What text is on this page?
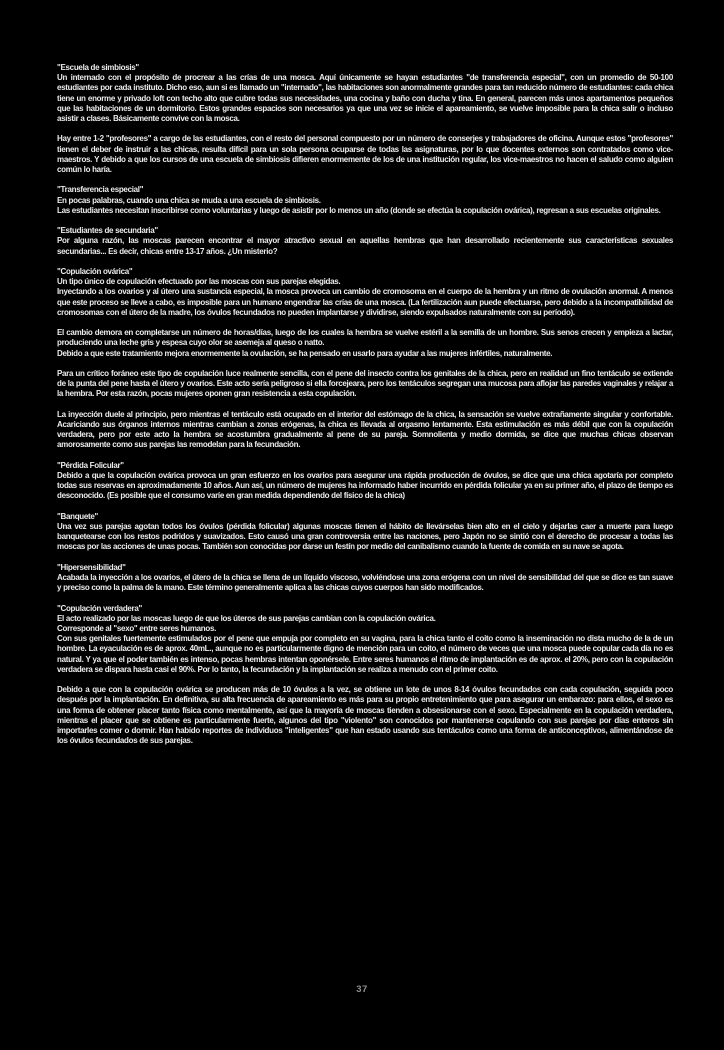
"Escuela de simbiosis"
Un internado con el propósito de procrear a las crías de una mosca. Aquí únicamente se hayan estudiantes "de transferencia especial", con un promedio de 50-100 estudiantes por cada instituto. Dicho eso, aun si es llamado un "internado", las habitaciones son anormalmente grandes para tan reducido número de estudiantes: cada chica tiene un enorme y privado loft con techo alto que cubre todas sus necesidades, una cocina y baño con ducha y tina. En general, parecen más unos apartamentos pequeños que las habitaciones de un dormitorio. Estos grandes espacios son necesarios ya que una vez se inicie el apareamiento, se vuelve imposible para la chica salir o incluso asistir a clases. Básicamente convive con la mosca.
Hay entre 1-2 "profesores" a cargo de las estudiantes, con el resto del personal compuesto por un número de conserjes y trabajadores de oficina. Aunque estos "profesores" tienen el deber de instruir a las chicas, resulta difícil para un sola persona ocuparse de todas las asignaturas, por lo que docentes externos son contratados como vice-maestros. Y debido a que los cursos de una escuela de simbiosis difieren enormemente de los de una institución regular, los vice-maestros no hacen el saludo como alguien común lo haría.
"Transferencia especial"
En pocas palabras, cuando una chica se muda a una escuela de simbiosis.
Las estudiantes necesitan inscribirse como voluntarias y luego de asistir por lo menos un año (donde se efectúa la copulación ovárica), regresan a sus escuelas originales.
"Estudiantes de secundaria"
Por alguna razón, las moscas parecen encontrar el mayor atractivo sexual en aquellas hembras que han desarrollado recientemente sus características sexuales secundarias... Es decir, chicas entre 13-17 años. ¿Un misterio?
"Copulación ovárica"
Un tipo único de copulación efectuado por las moscas con sus parejas elegidas.
Inyectando a los ovarios y al útero una sustancia especial, la mosca provoca un cambio de cromosoma en el cuerpo de la hembra y un ritmo de ovulación anormal. A menos que este proceso se lleve a cabo, es imposible para un humano engendrar las crías de una mosca. (La fertilización aun puede efectuarse, pero debido a la incompatibilidad de cromosomas con el útero de la madre, los óvulos fecundados no pueden implantarse y dividirse, siendo expulsados naturalmente con su período).
El cambio demora en completarse un número de horas/días, luego de los cuales la hembra se vuelve estéril a la semilla de un hombre. Sus senos crecen y empieza a lactar, produciendo una leche gris y espesa cuyo olor se asemeja al queso o natto.
Debido a que este tratamiento mejora enormemente la ovulación, se ha pensado en usarlo para ayudar a las mujeres infértiles, naturalmente.
Para un crítico foráneo este tipo de copulación luce realmente sencilla, con el pene del insecto contra los genitales de la chica, pero en realidad un fino tentáculo se extiende de la punta del pene hasta el útero y ovarios. Este acto sería peligroso si ella forcejeara, pero los tentáculos segregan una mucosa para aflojar las paredes vaginales y relajar a la hembra. Por esta razón, pocas mujeres oponen gran resistencia a esta copulación.
La inyección duele al principio, pero mientras el tentáculo está ocupado en el interior del estómago de la chica, la sensación se vuelve extrañamente singular y confortable. Acariciando sus órganos internos mientras cambian a zonas erógenas, la chica es llevada al orgasmo lentamente. Esta estimulación es más débil que con la copulación verdadera, pero por este acto la hembra se acostumbra gradualmente al pene de su pareja. Somnolienta y medio dormida, se dice que muchas chicas observan amorosamente como sus parejas las remodelan para la fecundación.
"Pérdida Folicular"
Debido a que la copulación ovárica provoca un gran esfuerzo en los ovarios para asegurar una rápida producción de óvulos, se dice que una chica agotaría por completo todas sus reservas en aproximadamente 10 años. Aun así, un número de mujeres ha informado haber incurrido en pérdida folicular ya en su primer año, el plazo de tiempo es desconocido. (Es posible que el consumo varíe en gran medida dependiendo del físico de la chica)
"Banquete"
Una vez sus parejas agotan todos los óvulos (pérdida folicular) algunas moscas tienen el hábito de llevárselas bien alto en el cielo y dejarlas caer a muerte para luego banquetearse con los restos podridos y suavizados. Esto causó una gran controversia entre las naciones, pero Japón no se sintió con el derecho de procesar a todas las moscas por las acciones de unas pocas. También son conocidas por darse un festín por medio del canibalismo cuando la fuente de comida en su nave se agota.
"Hipersensibilidad"
Acabada la inyección a los ovarios, el útero de la chica se llena de un líquido viscoso, volviéndose una zona erógena con un nivel de sensibilidad del que se dice es tan suave y preciso como la palma de la mano. Este término generalmente aplica a las chicas cuyos cuerpos han sido modificados.
"Copulación verdadera"
El acto realizado por las moscas luego de que los úteros de sus parejas cambian con la copulación ovárica.
Corresponde al "sexo" entre seres humanos.
Con sus genitales fuertemente estimulados por el pene que empuja por completo en su vagina, para la chica tanto el coito como la inseminación no dista mucho de la de un hombre. La eyaculación es de aprox. 40mL., aunque no es particularmente digno de mención para un coito, el número de veces que una mosca puede copular cada día no es natural. Y ya que el poder también es intenso, pocas hembras intentan oponérsele. Entre seres humanos el ritmo de implantación es de aprox. el 20%, pero con la copulación verdadera se dispara hasta casi el 90%. Por lo tanto, la fecundación y la implantación se realiza a menudo con el primer coito.
Debido a que con la copulación ovárica se producen más de 10 óvulos a la vez, se obtiene un lote de unos 8-14 óvulos fecundados con cada copulación, seguida poco después por la implantación. En definitiva, su alta frecuencia de apareamiento es más para su propio entretenimiento que para asegurar un embarazo: para ellos, el sexo es una forma de obtener placer tanto física como mentalmente, así que la mayoría de moscas tienden a obsesionarse con el sexo. Especialmente en la copulación verdadera, mientras el placer que se obtiene es particularmente fuerte, algunos del tipo "violento" son conocidos por mantenerse copulando con sus parejas por días enteros sin importarles comer o dormir. Han habido reportes de individuos "inteligentes" que han estado usando sus tentáculos como una forma de anticonceptivos, alimentándose de los óvulos fecundados de sus parejas.
37
